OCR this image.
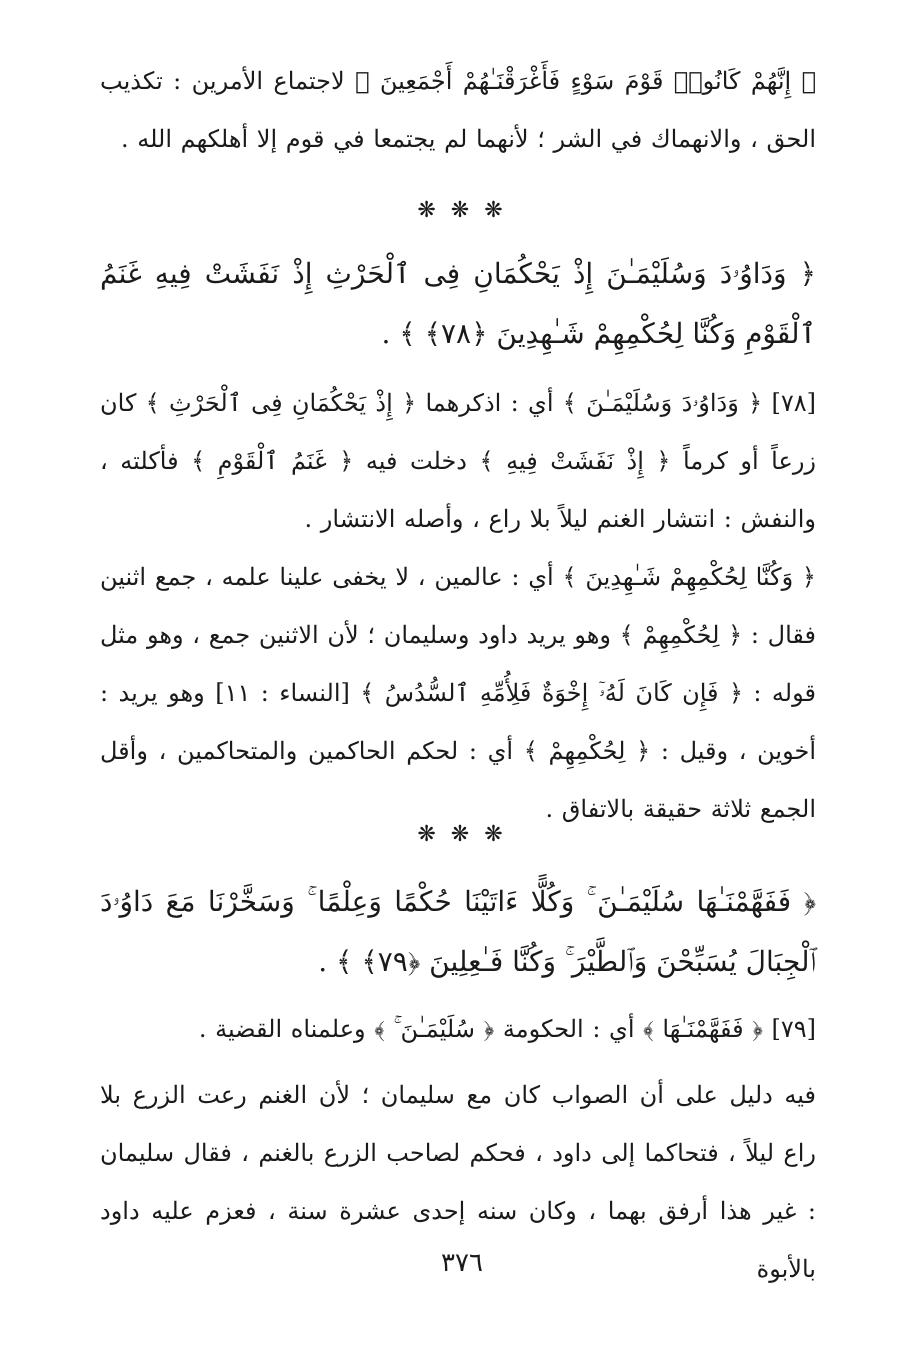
﴿ إِنَّهُمْ كَانُوا۟ قَوْمَ سَوْءٍ فَأَغْرَقْنَـٰهُمْ أَجْمَعِينَ ﴾ لاجتماع الأمرين : تكذيب الحق ، والانهماك في الشر ؛ لأنهما لم يجتمعا في قوم إلا أهلكهم الله .

❋ ❋ ❋

﴿ وَدَاوُۥدَ وَسُلَيْمَـٰنَ إِذْ يَحْكُمَانِ فِى ٱلْحَرْثِ إِذْ نَفَشَتْ فِيهِ غَنَمُ ٱلْقَوْمِ وَكُنَّا لِحُكْمِهِمْ شَـٰهِدِينَ ﴿٧٨﴾ ﴾ .

[٧٨] ﴿ وَدَاوُۥدَ وَسُلَيْمَـٰنَ ﴾ أي : اذكرهما ﴿ إِذْ يَحْكُمَانِ فِى ٱلْحَرْثِ ﴾ كان زرعاً أو كرماً ﴿ إِذْ نَفَشَتْ فِيهِ ﴾ دخلت فيه ﴿ غَنَمُ ٱلْقَوْمِ ﴾ فأكلته ، والنفش : انتشار الغنم ليلاً بلا راع ، وأصله الانتشار .

﴿ وَكُنَّا لِحُكْمِهِمْ شَـٰهِدِينَ ﴾ أي : عالمين ، لا يخفى علينا علمه ، جمع اثنين فقال : ﴿ لِحُكْمِهِمْ ﴾ وهو يريد داود وسليمان ؛ لأن الاثنين جمع ، وهو مثل قوله : ﴿ فَإِن كَانَ لَهُۥٓ إِخْوَةٌ فَلِأُمِّهِ ٱلسُّدُسُ ﴾ [النساء : ١١] وهو يريد : أخوين ، وقيل : ﴿ لِحُكْمِهِمْ ﴾ أي : لحكم الحاكمين والمتحاكمين ، وأقل الجمع ثلاثة حقيقة بالاتفاق .

❋ ❋ ❋

﴿ فَفَهَّمْنَـٰهَا سُلَيْمَـٰنَ ۚ وَكُلًّا ءَاتَيْنَا حُكْمًا وَعِلْمًا ۚ وَسَخَّرْنَا مَعَ دَاوُۥدَ ٱلْجِبَالَ يُسَبِّحْنَ وَٱلطَّيْرَ ۚ وَكُنَّا فَـٰعِلِينَ ﴿٧٩﴾ ﴾ .

[٧٩] ﴿ فَفَهَّمْنَـٰهَا ﴾ أي : الحكومة ﴿ سُلَيْمَـٰنَ ۚ ﴾ وعلمناه القضية .

فيه دليل على أن الصواب كان مع سليمان ؛ لأن الغنم رعت الزرع بلا راع ليلاً ، فتحاكما إلى داود ، فحكم لصاحب الزرع بالغنم ، فقال سليمان : غير هذا أرفق بهما ، وكان سنه إحدى عشرة سنة ، فعزم عليه داود بالأبوة

٣٧٦
